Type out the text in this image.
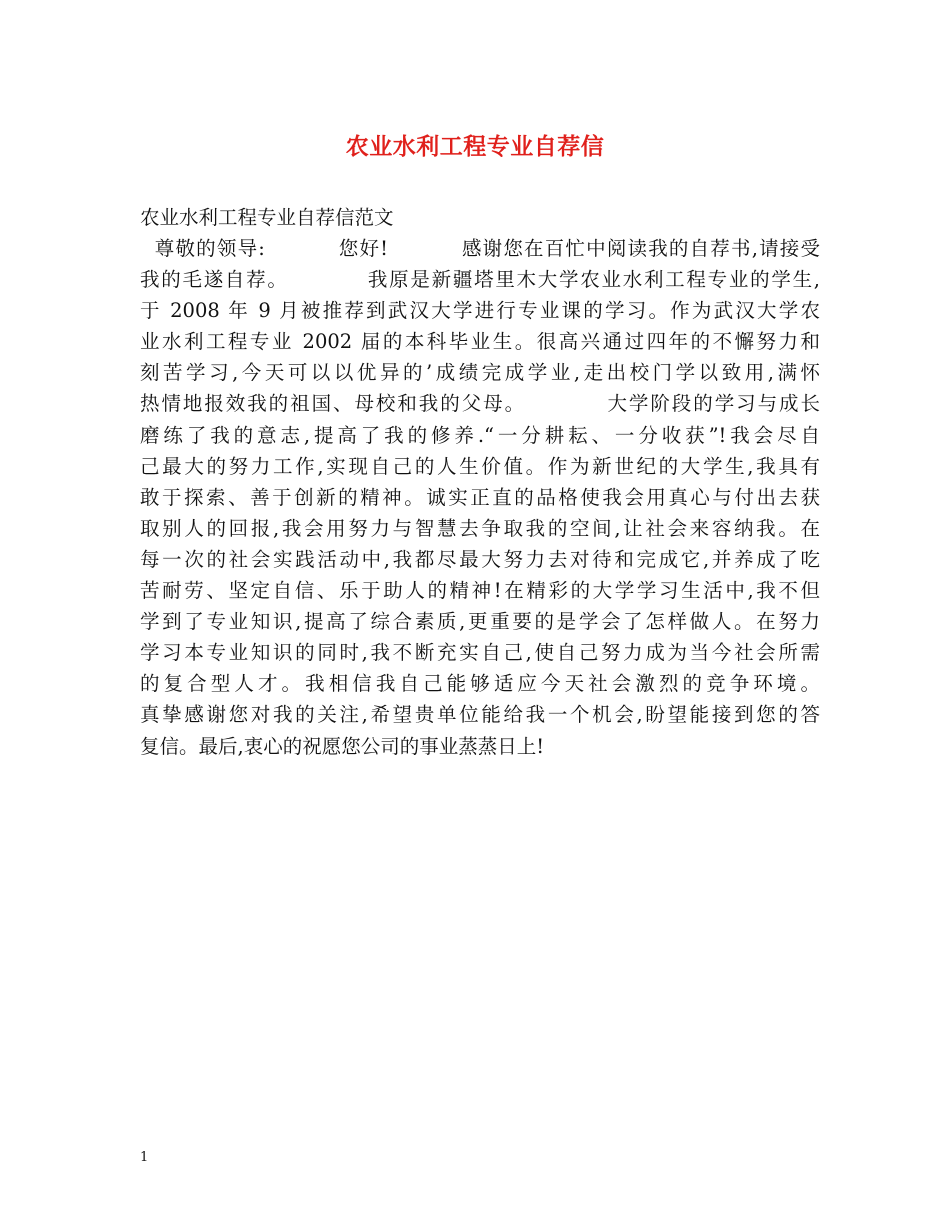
农业水利工程专业自荐信
农业水利工程专业自荐信范文
尊敬的领导:          您好!          感谢您在百忙中阅读我的自荐书,请接受
我的毛遂自荐。          我原是新疆塔里木大学农业水利工程专业的学生,
于 2008 年 9 月被推荐到武汉大学进行专业课的学习。作为武汉大学农
业水利工程专业 2002 届的本科毕业生。很高兴通过四年的不懈努力和
刻苦学习,今天可以以优异的’成绩完成学业,走出校门学以致用,满怀
热情地报效我的祖国、母校和我的父母。          大学阶段的学习与成长
磨练了我的意志,提高了我的修养.“一分耕耘、一分收获”!我会尽自
己最大的努力工作,实现自己的人生价值。作为新世纪的大学生,我具有
敢于探索、善于创新的精神。诚实正直的品格使我会用真心与付出去获
取别人的回报,我会用努力与智慧去争取我的空间,让社会来容纳我。在
每一次的社会实践活动中,我都尽最大努力去对待和完成它,并养成了吃
苦耐劳、坚定自信、乐于助人的精神!在精彩的大学学习生活中,我不但
学到了专业知识,提高了综合素质,更重要的是学会了怎样做人。在努力
学习本专业知识的同时,我不断充实自己,使自己努力成为当今社会所需
的复合型人才。我相信我自己能够适应今天社会激烈的竞争环境。
真挚感谢您对我的关注,希望贵单位能给我一个机会,盼望能接到您的答
复信。最后,衷心的祝愿您公司的事业蒸蒸日上!
1
